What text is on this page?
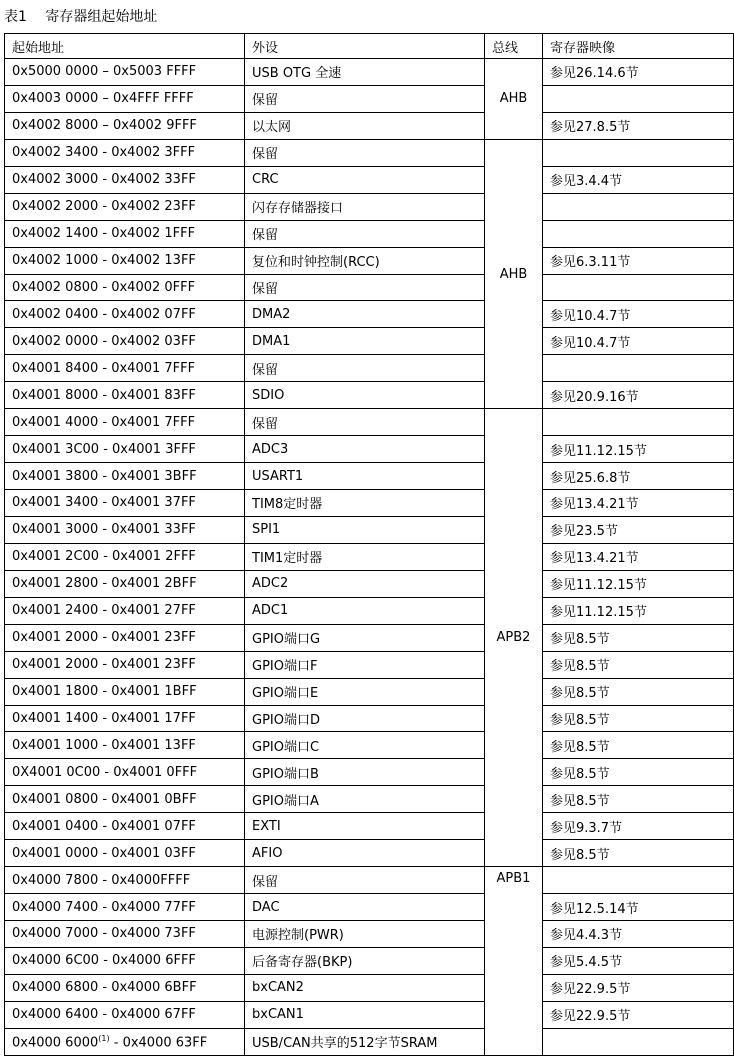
表1　 寄存器组起始地址
起始地址	外设	总线	寄存器映像
0x5000 0000 – 0x5003 FFFF	USB OTG 全速	AHB	参见26.14.6节
0x4003 0000 – 0x4FFF FFFF	保留		
0x4002 8000 – 0x4002 9FFF	以太网		参见27.8.5节
0x4002 3400 - 0x4002 3FFF	保留	AHB	
0x4002 3000 - 0x4002 33FF	CRC		参见3.4.4节
0x4002 2000 - 0x4002 23FF	闪存存储器接口		
0x4002 1400 - 0x4002 1FFF	保留		
0x4002 1000 - 0x4002 13FF	复位和时钟控制(RCC)		参见6.3.11节
0x4002 0800 - 0x4002 0FFF	保留		
0x4002 0400 - 0x4002 07FF	DMA2		参见10.4.7节
0x4002 0000 - 0x4002 03FF	DMA1		参见10.4.7节
0x4001 8400 - 0x4001 7FFF	保留		
0x4001 8000 - 0x4001 83FF	SDIO		参见20.9.16节
0x4001 4000 - 0x4001 7FFF	保留	APB2	
0x4001 3C00 - 0x4001 3FFF	ADC3		参见11.12.15节
0x4001 3800 - 0x4001 3BFF	USART1		参见25.6.8节
0x4001 3400 - 0x4001 37FF	TIM8定时器		参见13.4.21节
0x4001 3000 - 0x4001 33FF	SPI1		参见23.5节
0x4001 2C00 - 0x4001 2FFF	TIM1定时器		参见13.4.21节
0x4001 2800 - 0x4001 2BFF	ADC2		参见11.12.15节
0x4001 2400 - 0x4001 27FF	ADC1		参见11.12.15节
0x4001 2000 - 0x4001 23FF	GPIO端口G		参见8.5节
0x4001 2000 - 0x4001 23FF	GPIO端口F		参见8.5节
0x4001 1800 - 0x4001 1BFF	GPIO端口E		参见8.5节
0x4001 1400 - 0x4001 17FF	GPIO端口D		参见8.5节
0x4001 1000 - 0x4001 13FF	GPIO端口C		参见8.5节
0X4001 0C00 - 0x4001 0FFF	GPIO端口B		参见8.5节
0x4001 0800 - 0x4001 0BFF	GPIO端口A		参见8.5节
0x4001 0400 - 0x4001 07FF	EXTI		参见9.3.7节
0x4001 0000 - 0x4001 03FF	AFIO		参见8.5节
0x4000 7800 - 0x4000FFFF	保留	APB1	
0x4000 7400 - 0x4000 77FF	DAC		参见12.5.14节
0x4000 7000 - 0x4000 73FF	电源控制(PWR)		参见4.4.3节
0x4000 6C00 - 0x4000 6FFF	后备寄存器(BKP)		参见5.4.5节
0x4000 6800 - 0x4000 6BFF	bxCAN2		参见22.9.5节
0x4000 6400 - 0x4000 67FF	bxCAN1		参见22.9.5节
0x4000 6000$^{(1)}$ - 0x4000 63FF	USB/CAN共享的512字节SRAM		
